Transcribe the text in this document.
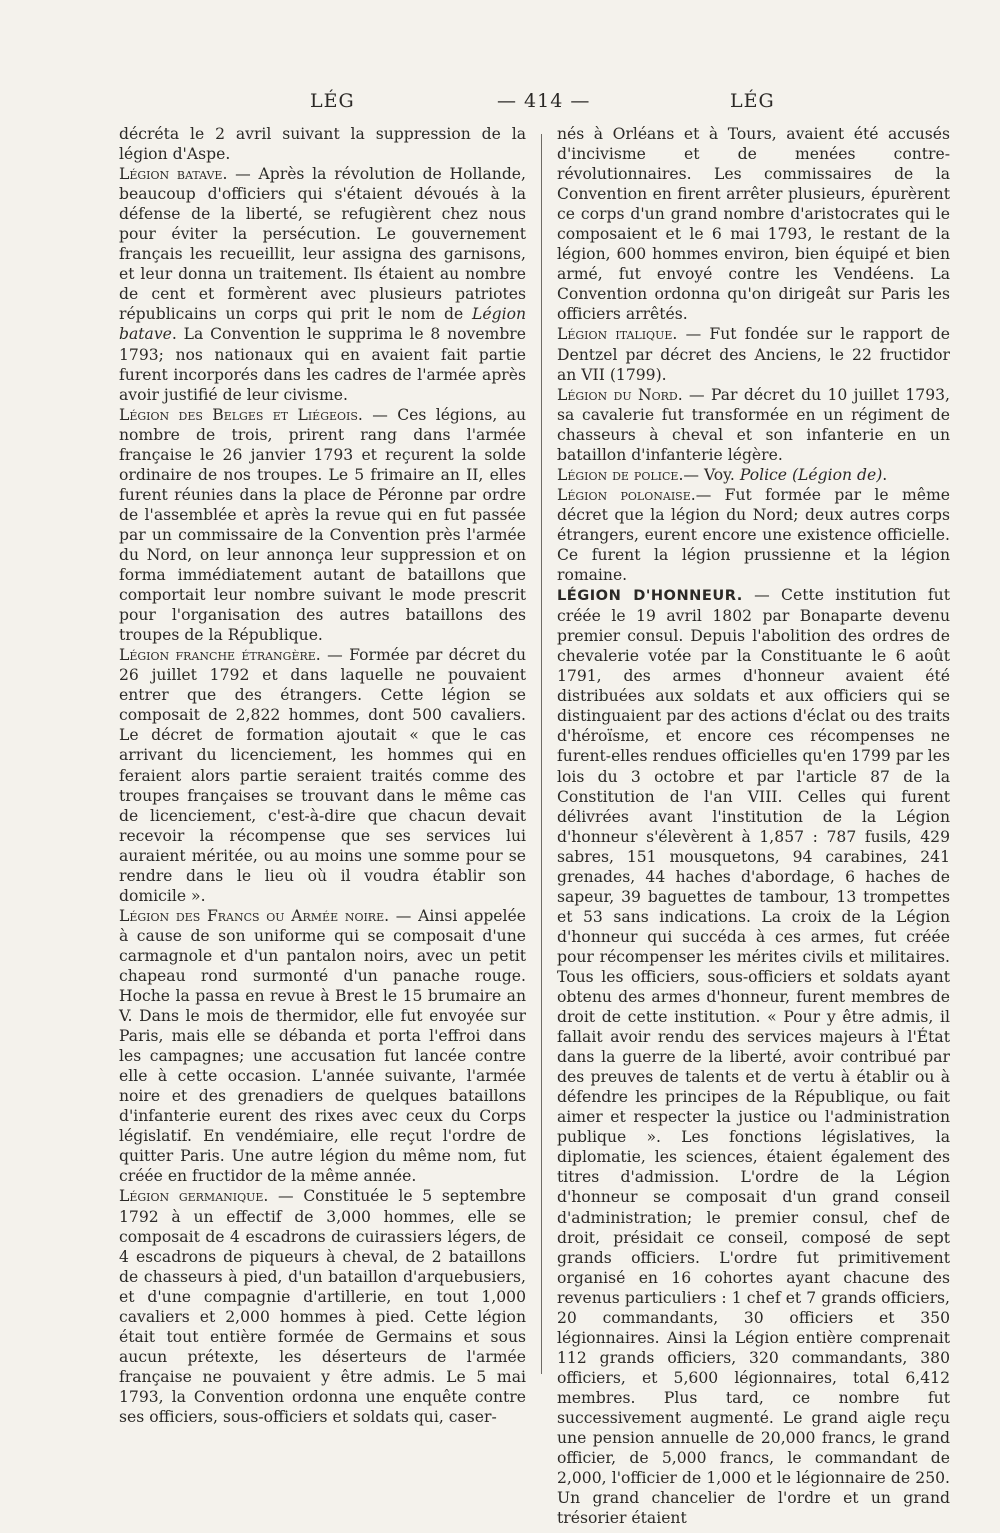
LÉG	— 414 —	LÉG

décréta le 2 avril suivant la suppression de la légion d'Aspe.

Légion batave. — Après la révolution de Hollande, beaucoup d'officiers qui s'étaient dévoués à la défense de la liberté, se refugièrent chez nous pour éviter la persécution. Le gouvernement français les recueillit, leur assigna des garnisons, et leur donna un traitement. Ils étaient au nombre de cent et formèrent avec plusieurs patriotes républicains un corps qui prit le nom de Légion batave. La Convention le supprima le 8 novembre 1793; nos nationaux qui en avaient fait partie furent incorporés dans les cadres de l'armée après avoir justifié de leur civisme.

Légion des Belges et Liégeois. — Ces légions, au nombre de trois, prirent rang dans l'armée française le 26 janvier 1793 et reçurent la solde ordinaire de nos troupes. Le 5 frimaire an II, elles furent réunies dans la place de Péronne par ordre de l'assemblée et après la revue qui en fut passée par un commissaire de la Convention près l'armée du Nord, on leur annonça leur suppression et on forma immédiatement autant de bataillons que comportait leur nombre suivant le mode prescrit pour l'organisation des autres bataillons des troupes de la République.

Légion franche étrangère. — Formée par décret du 26 juillet 1792 et dans laquelle ne pouvaient entrer que des étrangers. Cette légion se composait de 2,822 hommes, dont 500 cavaliers. Le décret de formation ajoutait « que le cas arrivant du licenciement, les hommes qui en feraient alors partie seraient traités comme des troupes françaises se trouvant dans le même cas de licenciement, c'est-à-dire que chacun devait recevoir la récompense que ses services lui auraient méritée, ou au moins une somme pour se rendre dans le lieu où il voudra établir son domicile ».

Légion des Francs ou Armée noire. — Ainsi appelée à cause de son uniforme qui se composait d'une carmagnole et d'un pantalon noirs, avec un petit chapeau rond surmonté d'un panache rouge. Hoche la passa en revue à Brest le 15 brumaire an V. Dans le mois de thermidor, elle fut envoyée sur Paris, mais elle se débanda et porta l'effroi dans les campagnes; une accusation fut lancée contre elle à cette occasion. L'année suivante, l'armée noire et des grenadiers de quelques bataillons d'infanterie eurent des rixes avec ceux du Corps législatif. En vendémiaire, elle reçut l'ordre de quitter Paris. Une autre légion du même nom, fut créée en fructidor de la même année.

Légion germanique. — Constituée le 5 septembre 1792 à un effectif de 3,000 hommes, elle se composait de 4 escadrons de cuirassiers légers, de 4 escadrons de piqueurs à cheval, de 2 bataillons de chasseurs à pied, d'un bataillon d'arquebusiers, et d'une compagnie d'artillerie, en tout 1,000 cavaliers et 2,000 hommes à pied. Cette légion était tout entière formée de Germains et sous aucun prétexte, les déserteurs de l'armée française ne pouvaient y être admis. Le 5 mai 1793, la Convention ordonna une enquête contre ses officiers, sous-officiers et soldats qui, caser-

nés à Orléans et à Tours, avaient été accusés d'incivisme et de menées contre-révolutionnaires. Les commissaires de la Convention en firent arrêter plusieurs, épurèrent ce corps d'un grand nombre d'aristocrates qui le composaient et le 6 mai 1793, le restant de la légion, 600 hommes environ, bien équipé et bien armé, fut envoyé contre les Vendéens. La Convention ordonna qu'on dirigeât sur Paris les officiers arrêtés.

Légion italique. — Fut fondée sur le rapport de Dentzel par décret des Anciens, le 22 fructidor an VII (1799).

Légion du Nord. — Par décret du 10 juillet 1793, sa cavalerie fut transformée en un régiment de chasseurs à cheval et son infanterie en un bataillon d'infanterie légère.

Légion de police.— Voy. Police (Légion de).

Légion polonaise.— Fut formée par le même décret que la légion du Nord; deux autres corps étrangers, eurent encore une existence officielle. Ce furent la légion prussienne et la légion romaine.

LÉGION D'HONNEUR. — Cette institution fut créée le 19 avril 1802 par Bonaparte devenu premier consul. Depuis l'abolition des ordres de chevalerie votée par la Constituante le 6 août 1791, des armes d'honneur avaient été distribuées aux soldats et aux officiers qui se distinguaient par des actions d'éclat ou des traits d'héroïsme, et encore ces récompenses ne furent-elles rendues officielles qu'en 1799 par les lois du 3 octobre et par l'article 87 de la Constitution de l'an VIII. Celles qui furent délivrées avant l'institution de la Légion d'honneur s'élevèrent à 1,857 : 787 fusils, 429 sabres, 151 mousquetons, 94 carabines, 241 grenades, 44 haches d'abordage, 6 haches de sapeur, 39 baguettes de tambour, 13 trompettes et 53 sans indications. La croix de la Légion d'honneur qui succéda à ces armes, fut créée pour récompenser les mérites civils et militaires. Tous les officiers, sous-officiers et soldats ayant obtenu des armes d'honneur, furent membres de droit de cette institution. « Pour y être admis, il fallait avoir rendu des services majeurs à l'État dans la guerre de la liberté, avoir contribué par des preuves de talents et de vertu à établir ou à défendre les principes de la République, ou fait aimer et respecter la justice ou l'administration publique ». Les fonctions législatives, la diplomatie, les sciences, étaient également des titres d'admission. L'ordre de la Légion d'honneur se composait d'un grand conseil d'administration; le premier consul, chef de droit, présidait ce conseil, composé de sept grands officiers. L'ordre fut primitivement organisé en 16 cohortes ayant chacune des revenus particuliers : 1 chef et 7 grands officiers, 20 commandants, 30 officiers et 350 légionnaires. Ainsi la Légion entière comprenait 112 grands officiers, 320 commandants, 380 officiers, et 5,600 légionnaires, total 6,412 membres. Plus tard, ce nombre fut successivement augmenté. Le grand aigle reçu une pension annuelle de 20,000 francs, le grand officier, de 5,000 francs, le commandant de 2,000, l'officier de 1,000 et le légionnaire de 250. Un grand chancelier de l'ordre et un grand trésorier étaient
